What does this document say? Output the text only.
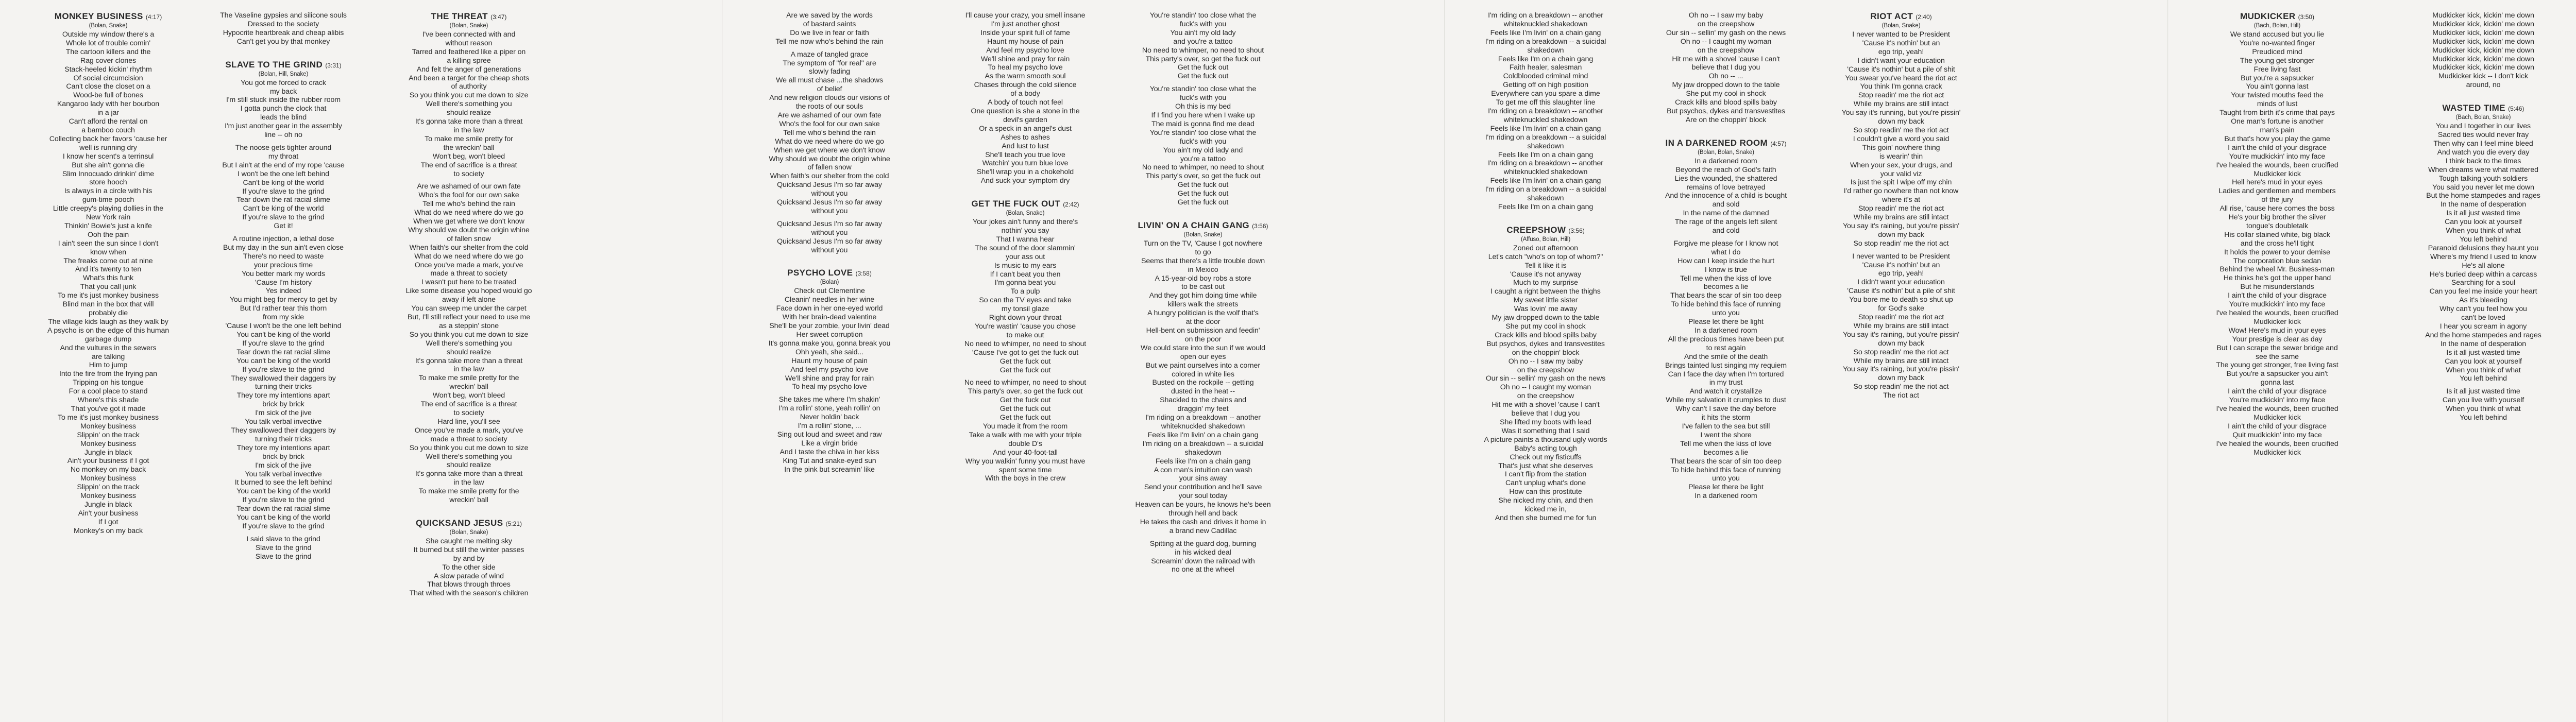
MONKEY BUSINESS (4:17)
(Bolan, Snake)
Outside my window there's a
Whole lot of trouble comin'
The cartoon killers and the
Rag cover clones
Stack-heeled kickin' rhythm
Of social circumcision
Can't close the closet on a
Wood-be full of bones
Kangaroo lady with her bourbon
in a jar
Can't afford the rental on
a bamboo couch
Collecting back her favors 'cause her
well is running dry
I know her scent's a terrinsul
But she ain't gonna die
Slim Innocuado drinkin' dime
store hooch
Is always in a circle with his
gum-time pooch
Little creepy's playing dollies in the
New York rain
Thinkin' Bowie's just a knife
Ooh the pain
I ain't seen the sun since I don't
know when
The freaks come out at nine
And it's twenty to ten
What's this funk
That you call junk
To me it's just monkey business
Blind man in the box that will
probably die
The village kids laugh as they walk by
A psycho is on the edge of this human
garbage dump
And the vultures in the sewers
are talking
Him to jump
Into the fire from the frying pan
Tripping on his tongue
For a cool place to stand
Where's this shade
That you've got it made
To me it's just monkey business
Monkey business
Slippin' on the track
Monkey business
Jungle in black
Ain't your business if I got
No monkey on my back
Monkey business
Slippin' on the track
Monkey business
Jungle in black
Ain't your business
If I got
Monkey's on my back
The Vaseline gypsies and silicone souls
Dressed to the society
Hypocrite heartbreak and cheap alibis
Can't get you by that monkey
SLAVE TO THE GRIND (3:31)
(Bolan, Hill, Snake)
You got me forced to crack
my back
I'm still stuck inside the rubber room
I gotta punch the clock that
leads the blind
I'm just another gear in the assembly
line -- oh no
The noose gets tighter around
my throat
But I ain't at the end of my rope 'cause
I won't be the one left behind
Can't be king of the world
If you're slave to the grind
Tear down the rat racial slime
Can't be king of the world
If you're slave to the grind
Get it!
A routine injection, a lethal dose
But my day in the sun ain't even close
There's no need to waste
your precious time
You better mark my words
'Cause I'm history
Yes indeed
You might beg for mercy to get by
But I'd rather tear this thorn
from my side
'Cause I won't be the one left behind
You can't be king of the world
If you're slave to the grind
Tear down the rat racial slime
You can't be king of the world
If you're slave to the grind
They swallowed their daggers by
turning their tricks
They tore my intentions apart
brick by brick
I'm sick of the jive
You talk verbal invective
They swallowed their daggers by
turning their tricks
They tore my intentions apart
brick by brick
I'm sick of the jive
You talk verbal invective
It burned to see the left behind
You can't be king of the world
If you're slave to the grind
Tear down the rat racial slime
You can't be king of the world
If you're slave to the grind
I said slave to the grind
Slave to the grind
Slave to the grind
THE THREAT (3:47)
(Bolan, Snake)
I've been connected with and
without reason
Tarred and feathered like a piper on
a killing spree
And felt the anger of generations
And been a target for the cheap shots
of authority
So you think you cut me down to size
Well there's something you
should realize
It's gonna take more than a threat
in the law
To make me smile pretty for
the wreckin' ball
Won't beg, won't bleed
The end of sacrifice is a threat
to society
Are we ashamed of our own fate
Who's the fool for our own sake
Tell me who's behind the rain
What do we need where do we go
When we get where we don't know
Why should we doubt the origin whine
of fallen snow
When faith's our shelter from the cold
What do we need where do we go
Once you've made a mark, you've
made a threat to society
I wasn't put here to be treated
Like some disease you hoped would go
away if left alone
You can sweep me under the carpet
But, I'll still reflect your need to use me
as a steppin' stone
So you think you cut me down to size
Well there's something you
should realize
It's gonna take more than a threat
in the law
To make me smile pretty for the
wreckin' ball
Won't beg, won't bleed
The end of sacrifice is a threat
to society
Hard line, you'll see
Once you've made a mark, you've
made a threat to society
So you think you cut me down to size
Well there's something you
should realize
It's gonna take more than a threat
in the law
To make me smile pretty for the
wreckin' ball
QUICKSAND JESUS (5:21)
(Bolan, Snake)
She caught me melting sky
It burned but still the winter passes
by and by
To the other side
A slow parade of wind
That blows through throes
That wilted with the season's children
Are we saved by the words
of bastard saints
Do we live in fear or faith
Tell me now who's behind the rain
A maze of tangled grace
The symptom of "for real" are
slowly fading
We all must chase ...the shadows
of belief
And new religion clouds our visions of
the roots of our souls
Are we ashamed of our own fate
Who's the fool for our own sake
Tell me who's behind the rain
What do we need where do we go
When we get where we don't know
Why should we doubt the origin whine
of fallen snow
When faith's our shelter from the cold
Quicksand Jesus I'm so far away
without you
Quicksand Jesus I'm so far away
without you
Quicksand Jesus I'm so far away
without you
Quicksand Jesus I'm so far away
without you
PSYCHO LOVE (3:58)
(Bolan)
Check out Clementine
Cleanin' needles in her wine
Face down in her one-eyed world
With her brain-dead valentine
She'll be your zombie, your livin' dead
Her sweet corruption
It's gonna make you, gonna break you
Ohh yeah, she said...
Haunt my house of pain
And feel my psycho love
We'll shine and pray for rain
To heal my psycho love
She takes me where I'm shakin'
I'm a rollin' stone, yeah rollin' on
Never holdin' back
I'm a rollin' stone, ...
Sing out loud and sweet and raw
Like a virgin bride
And I taste the chiva in her kiss
King Tut and snake-eyed sun
In the pink but screamin' like
I'll cause your crazy, you smell insane
I'm just another ghost
Inside your spirit full of fame
Haunt my house of pain
And feel my psycho love
We'll shine and pray for rain
To heal my psycho love
As the warm smooth soul
Chases through the cold silence
of a body
A body of touch not feel
One question is she a stone in the
devil's garden
Or a speck in an angel's dust
Ashes to ashes
And lust to lust
She'll teach you true love
Watchin' you turn blue love
She'll wrap you in a chokehold
And suck your symptom dry
GET THE FUCK OUT (2:42)
(Bolan, Snake)
Your jokes ain't funny and there's
nothin' you say
That I wanna hear
The sound of the door slammin'
your ass out
Is music to my ears
If I can't beat you then
I'm gonna beat you
To a pulp
So can the TV eyes and take
my tonsil glaze
Right down your throat
You're wastin' 'cause you chose
to make out
No need to whimper, no need to shout
'Cause I've got to get the fuck out
Get the fuck out
Get the fuck out
No need to whimper, no need to shout
This party's over, so get the fuck out
Get the fuck out
Get the fuck out
Get the fuck out
You made it from the room
Take a walk with me with your triple
double D's
And your 40-foot-tall
Why you walkin' funny you must have
spent some time
With the boys in the crew
You're standin' too close what the
fuck's with you
You ain't my old lady
and you're a tattoo
No need to whimper, no need to shout
This party's over, so get the fuck out
Get the fuck out
Get the fuck out
You're standin' too close what the
fuck's with you
Oh this is my bed
If I find you here when I wake up
The maid is gonna find me dead
You're standin' too close what the
fuck's with you
You ain't my old lady and
you're a tattoo
No need to whimper, no need to shout
This party's over, so get the fuck out
Get the fuck out
Get the fuck out
Get the fuck out
LIVIN' ON A CHAIN GANG (3:56)
(Bolan, Snake)
Turn on the TV, 'Cause I got nowhere
to go
Seems that there's a little trouble down
in Mexico
A 15-year-old boy robs a store
to be cast out
And they got him doing time while
killers walk the streets
A hungry politician is the wolf that's
at the door
Hell-bent on submission and feedin'
on the poor
We could stare into the sun if we would
open our eyes
But we paint ourselves into a corner
colored in white lies
Busted on the rockpile -- getting
dusted in the heat --
Shackled to the chains and
draggin' my feet
I'm riding on a breakdown -- another
whiteknuckled shakedown
Feels like I'm livin' on a chain gang
I'm riding on a breakdown -- a suicidal
shakedown
Feels like I'm on a chain gang
A con man's intuition can wash
your sins away
Send your contribution and he'll save
your soul today
Heaven can be yours, he knows he's been
through hell and back
He takes the cash and drives it home in
a brand new Cadillac
Spitting at the guard dog, burning
in his wicked deal
Screamin' down the railroad with
no one at the wheel
I'm riding on a breakdown -- another
whiteknuckled shakedown
Feels like I'm livin' on a chain gang
I'm riding on a breakdown -- a suicidal
shakedown
Feels like I'm on a chain gang
Faith healer, salesman
Coldblooded criminal mind
Getting off on high position
Everywhere can you spare a dime
To get me off this slaughter line
I'm riding on a breakdown -- another
whiteknuckled shakedown
Feels like I'm livin' on a chain gang
I'm riding on a breakdown -- a suicidal
shakedown
Feels like I'm on a chain gang
I'm riding on a breakdown -- another
whiteknuckled shakedown
Feels like I'm livin' on a chain gang
I'm riding on a breakdown -- a suicidal
shakedown
Feels like I'm on a chain gang
CREEPSHOW (3:56)
(Affuso, Bolan, Hill)
Zoned out afternoon
Let's catch "who's on top of whom?"
Tell it like it is
'Cause it's not anyway
Much to my surprise
I caught a right between the thighs
My sweet little sister
Was lovin' me away
My jaw dropped down to the table
She put my cool in shock
Crack kills and blood spills baby
But psychos, dykes and transvestites
on the choppin' block
Oh no -- I saw my baby
on the creepshow
Our sin -- sellin' my gash on the news
Oh no -- I caught my woman
on the creepshow
Hit me with a shovel 'cause I can't
believe that I dug you
She lifted my boots with lead
Was it something that I said
A picture paints a thousand ugly words
Baby's acting tough
Check out my fisticuffs
That's just what she deserves
I can't flip from the station
Can't unplug what's done
How can this prostitute
She nicked my chin, and then
kicked me in,
And then she burned me for fun
Oh no -- I saw my baby
on the creepshow
Our sin -- sellin' my gash on the news
Oh no -- I caught my woman
on the creepshow
Hit me with a shovel 'cause I can't
believe that I dug you
Oh no -- ...
My jaw dropped down to the table
She put my cool in shock
Crack kills and blood spills baby
But psychos, dykes and transvestites
Are on the choppin' block
IN A DARKENED ROOM (4:57)
(Bolan, Bolan, Snake)
In a darkened room
Beyond the reach of God's faith
Lies the wounded, the shattered
remains of love betrayed
And the innocence of a child is bought
and sold
In the name of the damned
The rage of the angels left silent
and cold
Forgive me please for I know not
what I do
How can I keep inside the hurt
I know is true
Tell me when the kiss of love
becomes a lie
That bears the scar of sin too deep
To hide behind this face of running
unto you
Please let there be light
In a darkened room
All the precious times have been put
to rest again
And the smile of the death
Brings tainted lust singing my requiem
Can I face the day when I'm tortured
in my trust
And watch it crystallize
While my salvation it crumples to dust
Why can't I save the day before
it hits the storm
I've fallen to the sea but still
I went the shore
Tell me when the kiss of love
becomes a lie
That bears the scar of sin too deep
To hide behind this face of running
unto you
Please let there be light
In a darkened room
RIOT ACT (2:40)
(Bolan, Snake)
I never wanted to be President
'Cause it's nothin' but an
ego trip, yeah!
I didn't want your education
'Cause it's nothin' but a pile of shit
You swear you've heard the riot act
You think I'm gonna crack
Stop readin' me the riot act
While my brains are still intact
You say it's running, but you're pissin'
down my back
So stop readin' me the riot act
I couldn't give a word you said
This goin' nowhere thing
is wearin' thin
When your sex, your drugs, and
your valid viz
Is just the spit I wipe off my chin
I'd rather go nowhere than not know
where it's at
Stop readin' me the riot act
While my brains are still intact
You say it's raining, but you're pissin'
down my back
So stop readin' me the riot act
I never wanted to be President
'Cause it's nothin' but an
ego trip, yeah!
I didn't want your education
'Cause it's nothin' but a pile of shit
You bore me to death so shut up
for God's sake
Stop readin' me the riot act
While my brains are still intact
You say it's raining, but you're pissin'
down my back
So stop readin' me the riot act
While my brains are still intact
You say it's raining, but you're pissin'
down my back
So stop readin' me the riot act
The riot act
MUDKICKER (3:50)
(Bach, Bolan, Hill)
We stand accused but you lie
You're no-wanted finger
Preudiced mind
The young get stronger
Free living fast
But you're a sapsucker
You ain't gonna last
Your twisted mouths feed the
minds of lust
Taught from birth it's crime that pays
One man's fortune is another
man's pain
But that's how you play the game
I ain't the child of your disgrace
You're mudkickin' into my face
I've healed the wounds, been crucified
Mudkicker kick
Hell here's mud in your eyes
Ladies and gentlemen and members
of the jury
All rise, 'cause here comes the boss
He's your big brother the silver
tongue's doubletalk
His collar stained white, big black
and the cross he'll tight
It holds the power to your demise
The corporation blue sedan
Behind the wheel Mr. Business-man
He thinks he's got the upper hand
But he misunderstands
I ain't the child of your disgrace
You're mudkickin' into my face
I've healed the wounds, been crucified
Mudkicker kick
Wow! Here's mud in your eyes
Your prestige is clear as day
But I can scrape the sewer bridge and
see the same
The young get stronger, free living fast
But you're a sapsucker you ain't
gonna last
I ain't the child of your disgrace
You're mudkickin' into my face
I've healed the wounds, been crucified
Mudkicker kick
I ain't the child of your disgrace
Quit mudkickin' into my face
I've healed the wounds, been crucified
Mudkicker kick
Mudkicker kick, kickin' me down
Mudkicker kick, kickin' me down
Mudkicker kick, kickin' me down
Mudkicker kick, kickin' me down
Mudkicker kick, kickin' me down
Mudkicker kick, kickin' me down
Mudkicker kick, kickin' me down
Mudkicker kick -- I don't kick
around, no
WASTED TIME (5:46)
(Bach, Bolan, Snake)
You and I together in our lives
Sacred ties would never fray
Then why can I feel mine bleed
And watch you die every day
I think back to the times
When dreams were what mattered
Tough talking youth soldiers
You said you never let me down
But the home stampedes and rages
In the name of desperation
Is it all just wasted time
Can you look at yourself
When you think of what
You left behind
Paranoid delusions they haunt you
Where's my friend I used to know
He's all alone
He's buried deep within a carcass
Searching for a soul
Can you feel me inside your heart
As it's bleeding
Why can't you feel how you
can't be loved
I hear you scream in agony
And the home stampedes and rages
In the name of desperation
Is it all just wasted time
Can you look at yourself
When you think of what
You left behind
Is it all just wasted time
Can you live with yourself
When you think of what
You left behind
